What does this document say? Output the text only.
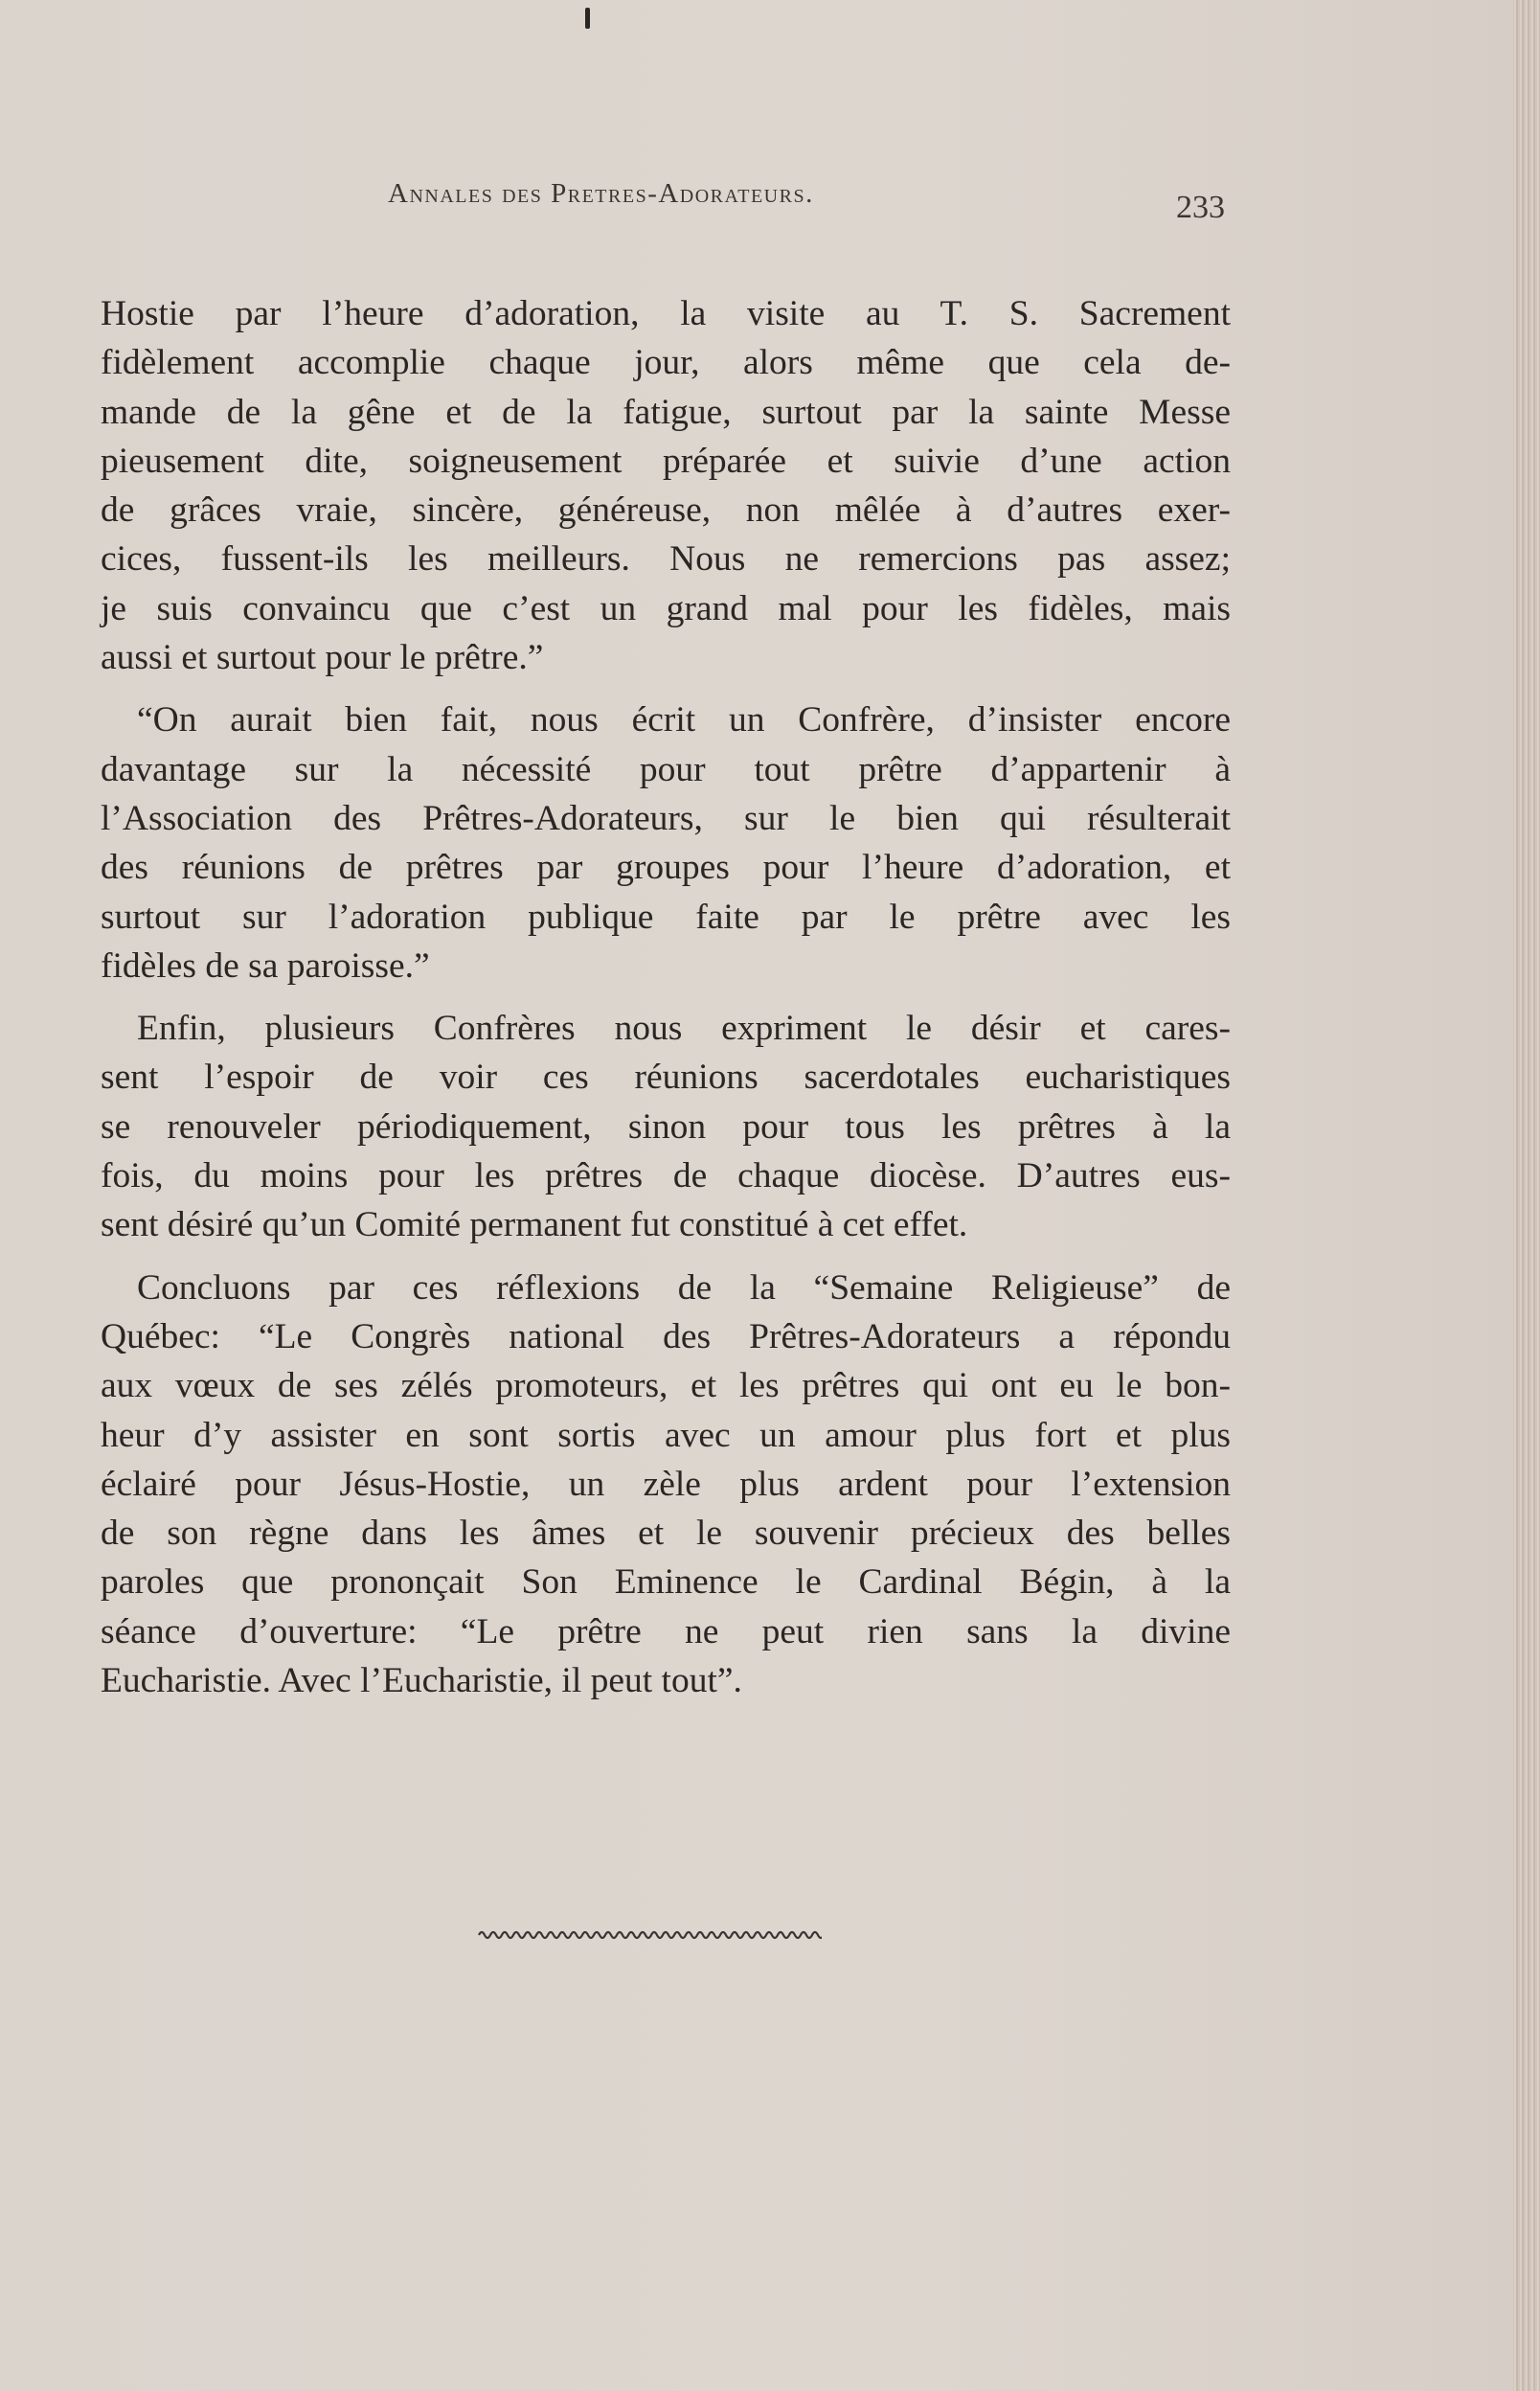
Annales des Pretres-Adorateurs.	233
Hostie par l’heure d’adoration, la visite au T. S. Sacrement
fidèlement accomplie chaque jour, alors même que cela de-
mande de la gêne et de la fatigue, surtout par la sainte Messe
pieusement dite, soigneusement préparée et suivie d’une action
de grâces vraie, sincère, généreuse, non mêlée à d’autres exer-
cices, fussent-ils les meilleurs. Nous ne remercions pas assez;
je suis convaincu que c’est un grand mal pour les fidèles, mais
aussi et surtout pour le prêtre.”
“On aurait bien fait, nous écrit un Confrère, d’insister encore
davantage sur la nécessité pour tout prêtre d’appartenir à
l’Association des Prêtres-Adorateurs, sur le bien qui résulterait
des réunions de prêtres par groupes pour l’heure d’adoration, et
surtout sur l’adoration publique faite par le prêtre avec les
fidèles de sa paroisse.”
Enfin, plusieurs Confrères nous expriment le désir et cares-
sent l’espoir de voir ces réunions sacerdotales eucharistiques
se renouveler périodiquement, sinon pour tous les prêtres à la
fois, du moins pour les prêtres de chaque diocèse. D’autres eus-
sent désiré qu’un Comité permanent fut constitué à cet effet.
Concluons par ces réflexions de la “Semaine Religieuse” de
Québec: “Le Congrès national des Prêtres-Adorateurs a répondu
aux vœux de ses zélés promoteurs, et les prêtres qui ont eu le bon-
heur d’y assister en sont sortis avec un amour plus fort et plus
éclairé pour Jésus-Hostie, un zèle plus ardent pour l’extension
de son règne dans les âmes et le souvenir précieux des belles
paroles que prononçait Son Eminence le Cardinal Bégin, à la
séance d’ouverture: “Le prêtre ne peut rien sans la divine
Eucharistie. Avec l’Eucharistie, il peut tout”.
